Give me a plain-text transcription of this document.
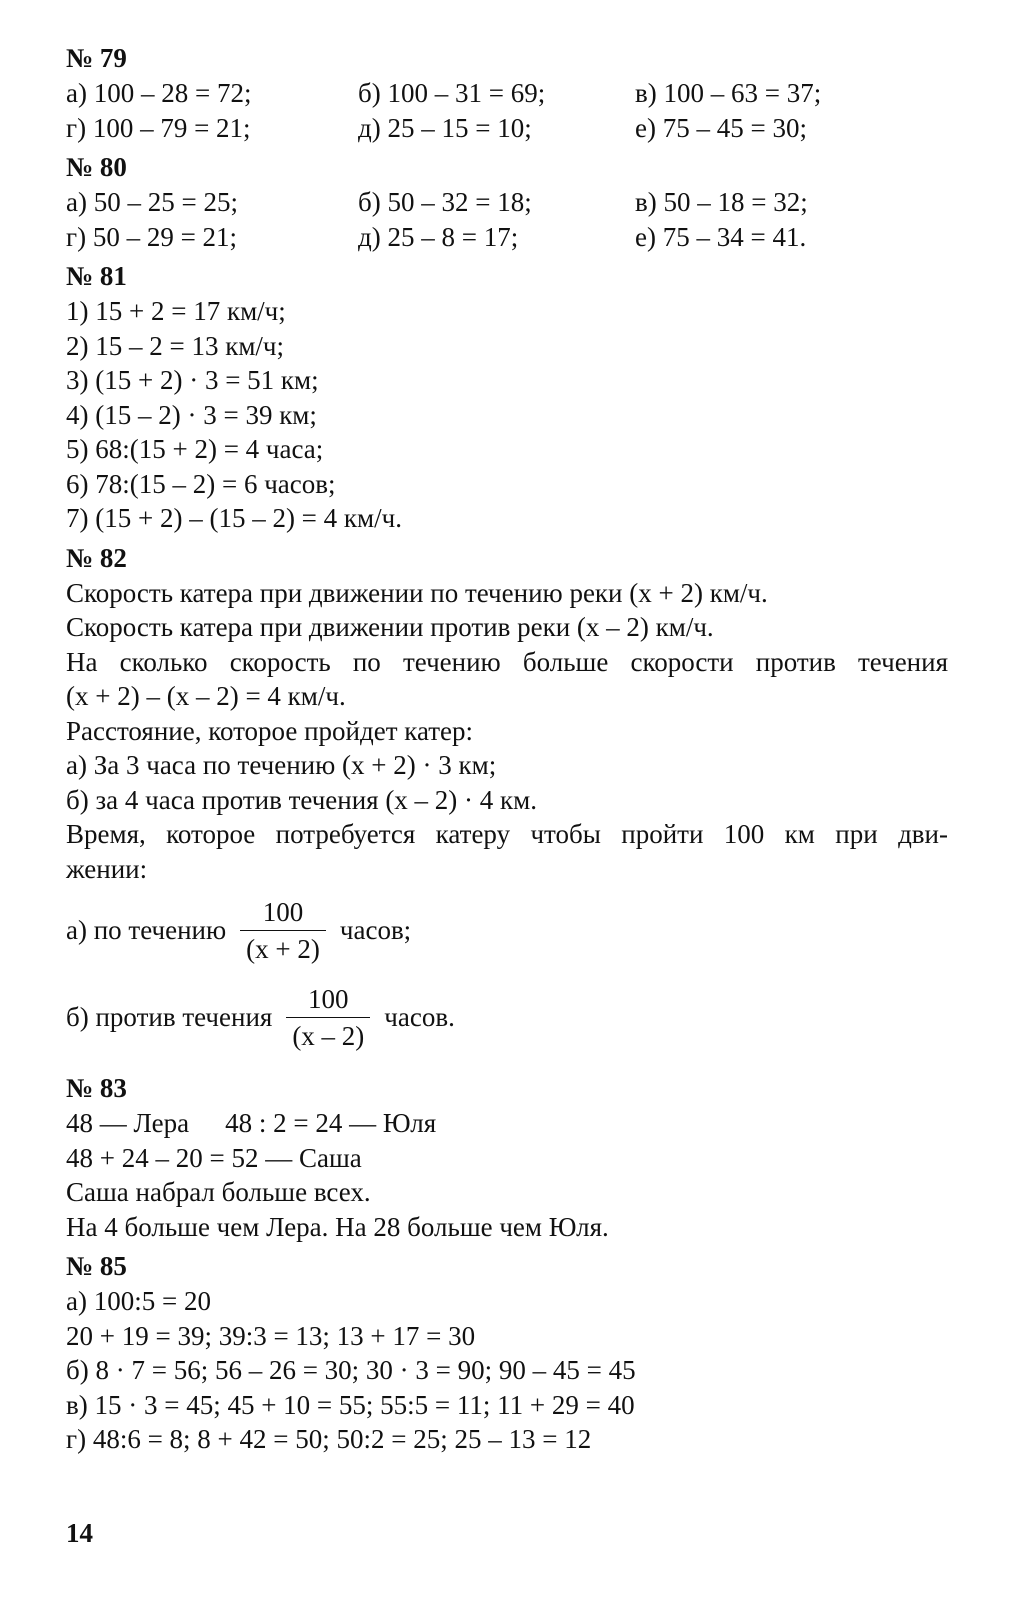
№ 79
а) 100 – 28 = 72;	б) 100 – 31 = 69;	в) 100 – 63 = 37;
г) 100 – 79 = 21;	д) 25 – 15 = 10;	е) 75 – 45 = 30;
№ 80
а) 50 – 25 = 25;	б) 50 – 32 = 18;	в) 50 – 18 = 32;
г) 50 – 29 = 21;	д) 25 – 8 = 17;	е) 75 – 34 = 41.
№ 81
1) 15 + 2 = 17 км/ч;
2) 15 – 2 = 13 км/ч;
3) (15 + 2) · 3 = 51 км;
4) (15 – 2) · 3 = 39 км;
5) 68:(15 + 2) = 4 часа;
6) 78:(15 – 2) = 6 часов;
7) (15 + 2) – (15 – 2) = 4 км/ч.
№ 82
Скорость катера при движении по течению реки (x + 2) км/ч.
Скорость катера при движении против реки (x – 2) км/ч.
На сколько скорость по течению больше скорости против течения
(x + 2) – (x – 2) = 4 км/ч.
Расстояние, которое пройдет катер:
а) За 3 часа по течению (x + 2) · 3 км;
б) за 4 часа против течения (x – 2) · 4 км.
Время, которое потребуется катеру чтобы пройти 100 км при дви-
жении:
а) по течению $\frac{100}{(x + 2)}$ часов;
б) против течения $\frac{100}{(x - 2)}$ часов.
№ 83
48 — Лера 48 : 2 = 24 — Юля
48 + 24 – 20 = 52 — Саша
Саша набрал больше всех.
На 4 больше чем Лера. На 28 больше чем Юля.
№ 85
а) 100:5 = 20
20 + 19 = 39; 39:3 = 13; 13 + 17 = 30
б) 8 · 7 = 56; 56 – 26 = 30; 30 · 3 = 90; 90 – 45 = 45
в) 15 · 3 = 45; 45 + 10 = 55; 55:5 = 11; 11 + 29 = 40
г) 48:6 = 8; 8 + 42 = 50; 50:2 = 25; 25 – 13 = 12
14
